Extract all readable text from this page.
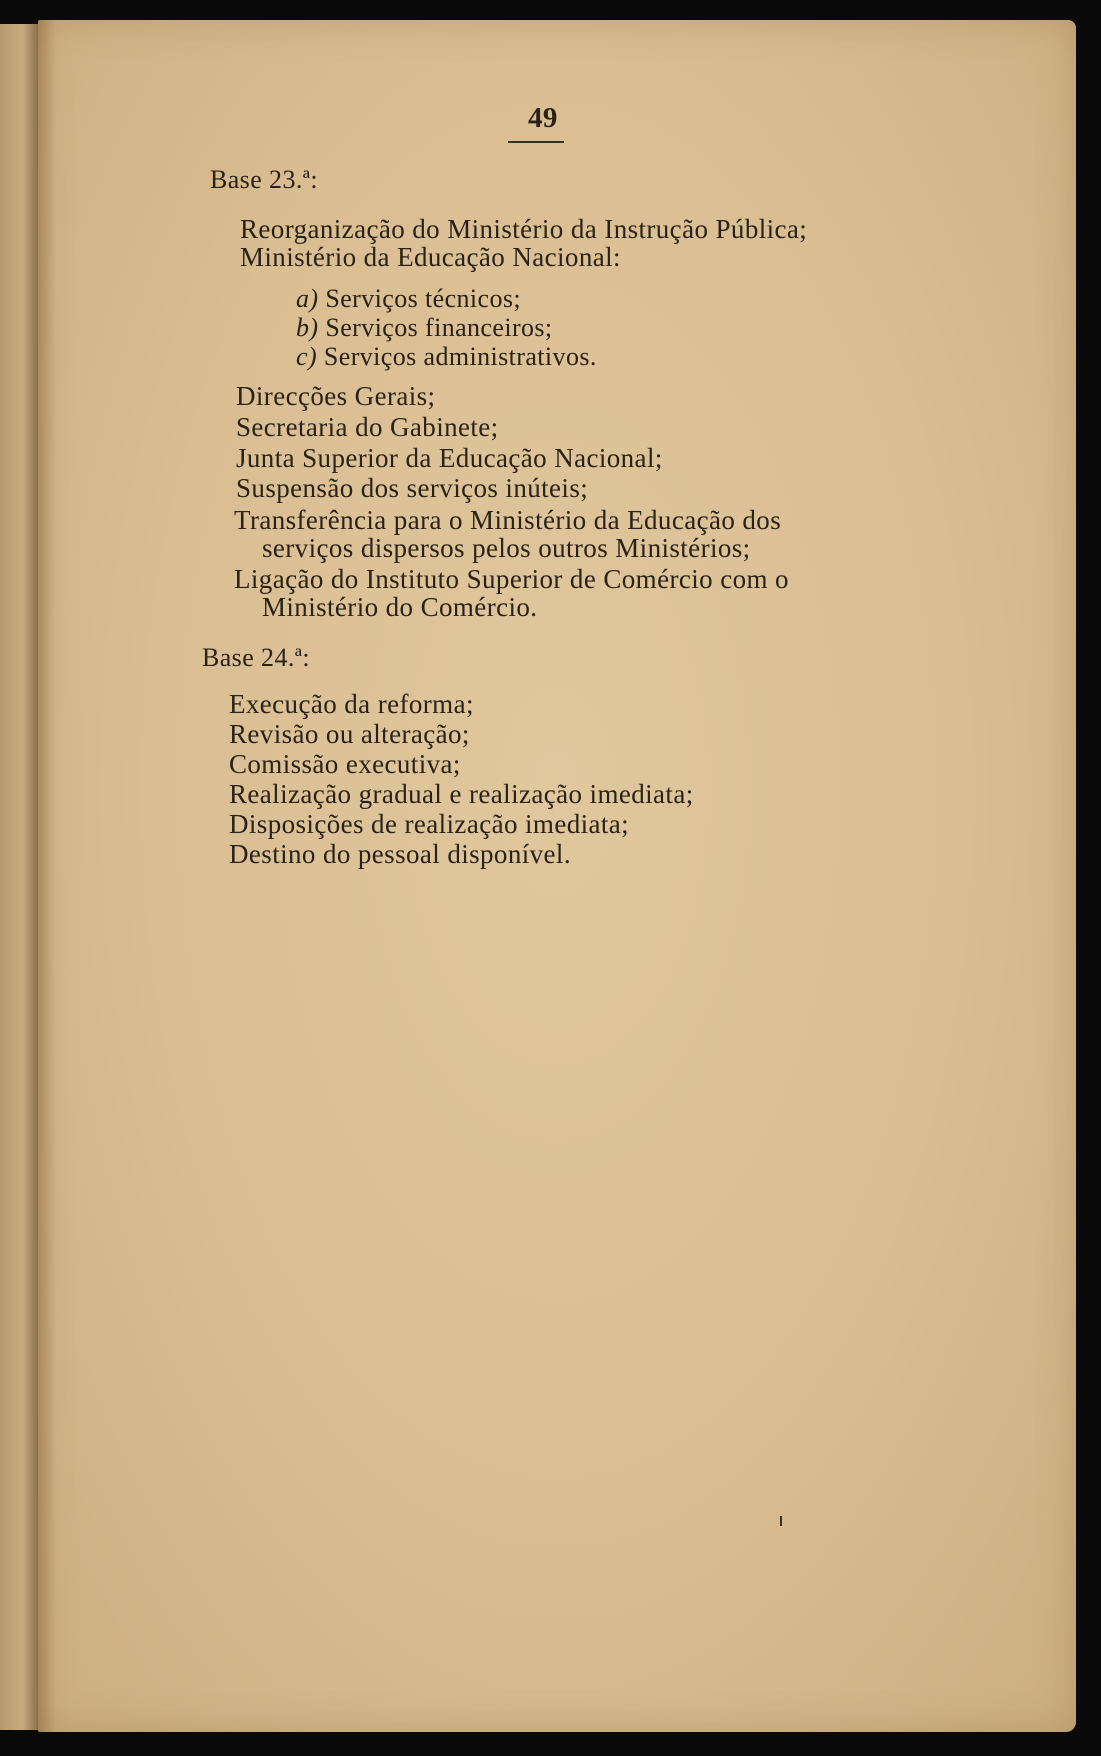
49
Base 23.ª:
Reorganização do Ministério da Instrução Pública;
Ministério da Educação Nacional:
a) Serviços técnicos;
b) Serviços financeiros;
c) Serviços administrativos.
Direcções Gerais;
Secretaria do Gabinete;
Junta Superior da Educação Nacional;
Suspensão dos serviços inúteis;
Transferência para o Ministério da Educação dos
serviços dispersos pelos outros Ministérios;
Ligação do Instituto Superior de Comércio com o
Ministério do Comércio.
Base 24.ª:
Execução da reforma;
Revisão ou alteração;
Comissão executiva;
Realização gradual e realização imediata;
Disposições de realização imediata;
Destino do pessoal disponível.
